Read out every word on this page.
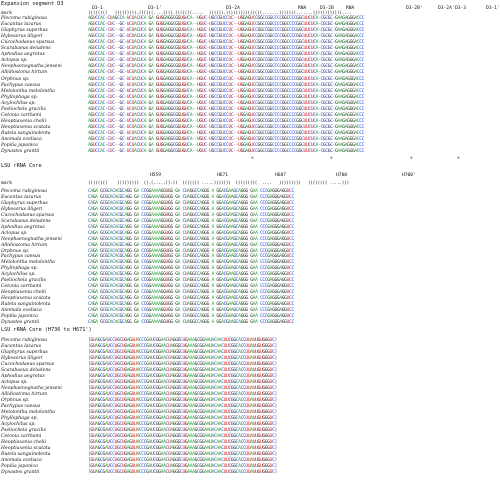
Expansion segment D3
D3-1	D3-1'	D3-2A	RNA	D3-2B	RNA	D3-2B'	D3-2A' D3-3	D3-1'
mark	((((((((   ))))))))).((((((....((((.(((((((.....  )))))).)))))))))((((((.......))))))).......))))))))))))....
Plecoma rubiginosa	AGUCCAC-CUAGCCA-UCUACUCA GA GUGGAGGCGGUGUCA--UGUC-UGCCGUCCUC--UGGAGUCCGGCCGGCCCCGGCCCCGGCUUCUCA-CGCGC-GAAGAGGGACCC
Eucantus lazarus	AGUCCAC-CUC--GC-UCUACUCA GA GUGGAGGCGGUGUCA--UGUC-UGCCGUCCUC--UGGAGUCCGGCCGGCCCCGGCCCCGGCUUCUCA-CGCGC-GAAGAGGGACCC
Glaphyrus superbus	AGUCCAC-CUC--GC-UCUACUCA GA GUGGAGGCGGUGUCA--UGUC-UGCCGUCCUC--UGGAGUCCGGCCGGCCCCGGCCCCGGCUUCUCA-CGCGC-GAAGAGGGACCC
Hybosorus illigeri	AGUCCAC-CUC--GC-UCUACUCA GA GUGGAGGCGGUGUCA--UGUC-UGCCGUCCUC--UGGAGUCCGGCCGGCCCCGGCCCCGGCUUCUCA-CGCGC-GAAGAGGGACCC
Cucochodaeus sparsus	AGUCCAC-CUC--GC-UCUACUCA GA GUGGAGGCGGUGUCA--UGUC-UGCCGUCCUC--UGGAGUCCGGCCGGCCCCGGCCCCGGCUUCUCA-CGCGC-GAAGAGGGACCC
Scarabaeus deludens	AGUCCAC-CUC--GC-UCUACUCA GA GUGGAGGCGGUGUCA--UGUC-UGCCGUCCUC--UGGAGUCCGGCCGGCCCCGGCCCCGGCUUCUCA-CGCGC-GAAGAGGGACCC
Aphodius aegrotus	AGUCCAC-CUC--GC-UCUACUCA GA GUGGAGGCGGUGUCA--UGUC-UGCCGUCCUC--UGGAGUCCGGCCGGCCCCGGCCCCGGCUUCUCA-CGCGC-GAAGAGGGACCC
Aclopus sp.	AGUCCAC-CUC--GC-UCUACUCA GA GUGGAGGCGGUGUCA--UGUC-UGCCGUCCUC--UGGAGUCCGGCCGGCCCCGGCCCCGGCUUCUCA-CGCGC-GAAGAGGGACCC
Neophaenognatha jenseni	AGUCCAC-CUC--GC-UCUACUCA GA GUGGAGGCGGUGUCA--UGUC-UGCCGUCCUC--UGGAGUCCGGCCGGCCCCGGCCCCGGCUUCUCA-CGCGC-GAAGAGGGACCC
Allidiostoma hirtum	AGUCCAC-CUC--GC-UCUACUCA GA GUGGAGGCGGUGUCA--UGUC-UGCCGUCCUC--UGGAGUCCGGCCGGCCCCGGCCCCGGCUUCUCA-CGCGC-GAAGAGGGACCC
Orphnus sp.	AGUCCAC-CUC--GC-UCUACUCA GA GUGGAGGCGGUGUCA--UGUC-UGCCGUCCUC--UGGAGUCCGGCCGGCCCCGGCCCCGGCUUCUCA-CGCGC-GAAGAGGGACCC
Pachypus caesus	AGUCCAC-CUC--GC-UCUACUCA GA GUGGAGGCGGUGUCA--UGUC-UGCCGUCCUC--UGGAGUCCGGCCGGCCCCGGCCCCGGCUUCUCA-CGCGC-GAAGAGGGACCC
Melolontha melolontha	AGUCCAC-CUC--GC-UCUACUCA GA GUGGAGGCGGUGUCA--UGUC-UGCCGUCCUC--UGGAGUCCGGCCGGCCCCGGCCCCGGCUUCUCA-CGCGC-GAAGAGGGACCC
Phyllophaga sp.	AGUCCAC-CUC--GC-UCUACUCA GA GUGGAGGCGGUGUCA--UGUC-UGCCGUCCUC--UGGAGUCCGGCCGGCCCCGGCCCCGGCUUCUCA-CGCGC-GAAGAGGGACCC
Acylochilus sp.	AGUCCAC-CUC--GC-UCUACUCA GA GUGGAGGCGGUGUCA--UGUC-UGCCGUCCUC--UGGAGUCCGGCCGGCCCCGGCCCCGGCUUCUCA-CGCGC-GAAGAGGGACCC
Pseliochela gracilis	AGUCCAC-CUC--GC-UCUACUCA GA GUGGAGGCGGUGUCA--UGUC-UGCCGUCCUC--UGGAGUCCGGCCGGCCCCGGCCCCGGCUUCUCA-CGCGC-GAAGAGGGACCC
Cetonia carthami	AGUCCAC-CUC--GC-UCUACUCA GA GUGGAGGCGGUGUCA--UGUC-UGCCGUCCUC--UGGAGUCCGGCCGGCCCCGGCCCCGGCUUCUCA-CGCGC-GAAGAGGGACCC
Heoptiaxenia chelii	AGUCCAC-CUC--GC-UCUACUCA GA GUGGAGGCGGUGUCA--UGUC-UGCCGUCCUC--UGGAGUCCGGCCGGCCCCGGCCCCGGCUUCUCA-CGCGC-GAAGAGGGACCC
Heoptiaxenia scutata	AGUCCAC-CUC--GC-UCUACUCA GA GUGGAGGCGGUGUCA--UGUC-UGCCGUCCUC--UGGAGUCCGGCCGGCCCCGGCCCCGGCUUCUCA-CGCGC-GAAGAGGGACCC
Rutela sanguinolenta	AGUCCAC-CUC--GC-UCUACUCA GA GUGGAGGCGGUGUCA--UGUC-UGCCGUCCUC--UGGAGUCCGGCCGGCCCCGGCCCCGGCUUCUCA-CGCGC-GAAGAGGGACCC
Anomala oceliaca	AGUCCAC-CUC--GC-UCUACUCA GA GUGGAGGCGGUGUCA--UGUC-UGCCGUCCUC--UGGAGUCCGGCCGGCCCCGGCCCCGGCUUCUCA-CGCGC-GAAGAGGGACCC
Popilia japonica	AGUCCAC-CUC--GC-UCUACUCA GA GUGGAGGCGGUGUCA--UGUC-UGCCGUCCUC--UGGAGUCCGGCCGGCCCCGGCCCCGGCUUCUCA-CGCGC-GAAGAGGGACCC
Dynastes grantii	AGUCCAC-CUC--GC-UCUACUCA GA GUGGAGGCGGUGUCA--UGUC-UGCCGUCCUC--UGGAGUCCGGCCGGCCCCGGCCCCGGCUUCUCA-CGCGC-GAAGAGGGACCC
x	x	x	x
LSU rRNA Core
H559	H671	H687	H700	H700'
mark	((((((((    )))))))))  ((.(.....)).))  ((((((( .....)))))))  (((((((((  ....   )))))))))   (((((((( .....)))
Plecoma rubiginosa	CAGA GCGCACACGCAGG GA CCGGAAAAGGUGG GA CUAGGCCAGGG A GGACGAAGCAGGG GAA CCCGAGGGAGGUCC
Eucantus lazarus	CAGA GCGCACACGCAGG GA CCGGAAAAGGUGG GA CUAGGCCAGGG A GGACGAAGCAGGG GAA CCCGAGGGAGGUCC
Glaphyrus superbus	CAGA GCGCACACGCAGG GA CCGGAAAAGGUGG GA CUAGGCCAGGG A GGACGAAGCAGGG GAA CCCGAGGGAGGUCC
Hybosorus illigeri	CAGA GCGCACACGCAGG GA CCGGAAAAGGUGG GA CUAGGCCAGGG A GGACGAAGCAGGG GAA CCCGAGGGAGGUCC
Cucochodaeus sparsus	CAGA GCGCACACGCAGG GA CCGGAAAAGGUGG GA CUAGGCCAGGG A GGACGAAGCAGGG GAA CCCGAGGGAGGUCC
Scarabaeus deludens	CAGA GCGCACACGCAGG GA CCGGAAAAGGUGG GA CUAGGCCAGGG A GGACGAAGCAGGG GAA CCCGAGGGAGGUCC
Aphodius aegrotus	CAGA GCGCACACGCAGG GA CCGGAAAAGGUGG GA CUAGGCCAGGG A GGACGAAGCAGGG GAA CCCGAGGGAGGUCC
Aclopus sp.	CAGA GCGCACACGCAGG GA CCGGAAAAGGUGG GA CUAGGCCAGGG A GGACGAAGCAGGG GAA CCCGAGGGAGGUCC
Neophaenognatha jenseni	CAGA GCGCACACGCAGG GA CCGGAAAAGGUGG GA CUAGGCCAGGG A GGACGAAGCAGGG GAA CCCGAGGGAGGUCC
Allidiostoma hirtum	CAGA GCGCACACGCAGG GA CCGGAAAAGGUGG GA CUAGGCCAGGG A GGACGAAGCAGGG GAA CCCGAGGGAGGUCC
Orphnus sp.	CAGA GCGCACACGCAGG GA CCGGAAAAGGUGG GA CUAGGCCAGGG A GGACGAAGCAGGG GAA CCCGAGGGAGGUCC
Pachypus caesus	CAGA GCGCACACGCAGG GA CCGGAAAAGGUGG GA CUAGGCCAGGG A GGACGAAGCAGGG GAA CCCGAGGGAGGUCC
Melolontha melolontha	CAGA GCGCACACGCAGG GA CCGGAAAAGGUGG GA CUAGGCCAGGG A GGACGAAGCAGGG GAA CCCGAGGGAGGUCC
Phyllophaga sp.	CAGA GCGCACACGCAGG GA CCGGAAAAGGUGG GA CUAGGCCAGGG A GGACGAAGCAGGG GAA CCCGAGGGAGGUCC
Acylochilus sp.	CAGA GCGCACACGCAGG GA CCGGAAAAGGUGG GA CUAGGCCAGGG A GGACGAAGCAGGG GAA CCCGAGGGAGGUCC
Pseliochela gracilis	CAGA GCGCACACGCAGG GA CCGGAAAAGGUGG GA CUAGGCCAGGG A GGACGAAGCAGGG GAA CCCGAGGGAGGUCC
Cetonia carthami	CAGA GCGCACACGCAGG GA CCGGAAAAGGUGG GA CUAGGCCAGGG A GGACGAAGCAGGG GAA CCCGAGGGAGGUCC
Heoptiaxenia chelii	CAGA GCGCACACGCAGG GA CCGGAAAAGGUGG GA CUAGGCCAGGG A GGACGAAGCAGGG GAA CCCGAGGGAGGUCC
Heoptiaxenia scutata	CAGA GCGCACACGCAGG GA CCGGAAAAGGUGG GA CUAGGCCAGGG A GGACGAAGCAGGG GAA CCCGAGGGAGGUCC
Rutela sanguinolenta	CAGA GCGCACACGCAGG GA CCGGAAAAGGUGG GA CUAGGCCAGGG A GGACGAAGCAGGG GAA CCCGAGGGAGGUCC
Anomala oceliaca	CAGA GCGCACACGCAGG GA CCGGAAAAGGUGG GA CUAGGCCAGGG A GGACGAAGCAGGG GAA CCCGAGGGAGGUCC
Popilia japonica	CAGA GCGCACACGCAGG GA CCGGAAAAGGUGG GA CUAGGCCAGGG A GGACGAAGCAGGG GAA CCCGAGGGAGGUCC
Dynastes grantii	CAGA GCGCACACGCAGG GA CCGGAAAAGGUGG GA CUAGGCCAGGG A GGACGAAGCAGGG GAA CCCGAGGGAGGUCC
LSU rRNA Core (H736 to H671')
Plecoma rubiginosa	[GUAGCGAUCCUGCUGAGUUACCCGAUCGGAACUAGGGCUGAAAGCGGAAUACAACUUCGGCACCUUAUUGUGGGUC]
Eucantus lazarus	[GUAGCGAUCCUGCUGAGUUACCCGAUCGGAACUAGGGCUGAAAGCGGAAUACAACUUCGGCACCUUAUUGUGGGUC]
Glaphyrus superbus	[GUAGCGAUCCUGCUGAGUUACCCGAUCGGAACUAGGGCUGAAAGCGGAAUACAACUUCGGCACCUUAUUGUGGGUC]
Hybosorus illigeri	[GUAGCGAUCCUGCUGAGUUACCCGAUCGGAACUAGGGCUGAAAGCGGAAUACAACUUCGGCACCUUAUUGUGGGUC]
Cucochodaeus sparsus	[GUAGCGAUCCUGCUGAGUUACCCGAUCGGAACUAGGGCUGAAAGCGGAAUACAACUUCGGCACCUUAUUGUGGGUC]
Scarabaeus deludens	[GUAGCGAUCCUGCUGAGUUACCCGAUCGGAACUAGGGCUGAAAGCGGAAUACAACUUCGGCACCUUAUUGUGGGUC]
Aphodius aegrotus	[GUAGCGAUCCUGCUGAGUUACCCGAUCGGAACUAGGGCUGAAAGCGGAAUACAACUUCGGCACCUUAUUGUGGGUC]
Aclopus sp.	[GUAGCGAUCCUGCUGAGUUACCCGAUCGGAACUAGGGCUGAAAGCGGAAUACAACUUCGGCACCUUAUUGUGGGUC]
Neophaenognatha jenseni	[GUAGCGAUCCUGCUGAGUUACCCGAUCGGAACUAGGGCUGAAAGCGGAAUACAACUUCGGCACCUUAUUGUGGGUC]
Allidiostoma hirtum	[GUAGCGAUCCUGCUGAGUUACCCGAUCGGAACUAGGGCUGAAAGCGGAAUACAACUUCGGCACCUUAUUGUGGGUC]
Orphnus sp.	[GUAGCGAUCCUGCUGAGUUACCCGAUCGGAACUAGGGCUGAAAGCGGAAUACAACUUCGGCACCUUAUUGUGGGUC]
Pachypus caesus	[GUAGCGAUCCUGCUGAGUUACCCGAUCGGAACUAGGGCUGAAAGCGGAAUACAACUUCGGCACCUUAUUGUGGGUC]
Melolontha melolontha	[GUAGCGAUCCUGCUGAGUUACCCGAUCGGAACUAGGGCUGAAAGCGGAAUACAACUUCGGCACCUUAUUGUGGGUC]
Phyllophaga sp.	[GUAGCGAUCCUGCUGAGUUACCCGAUCGGAACUAGGGCUGAAAGCGGAAUACAACUUCGGCACCUUAUUGUGGGUC]
Acylochilus sp.	[GUAGCGAUCCUGCUGAGUUACCCGAUCGGAACUAGGGCUGAAAGCGGAAUACAACUUCGGCACCUUAUUGUGGGUC]
Pseliochela gracilis	[GUAGCGAUCCUGCUGAGUUACCCGAUCGGAACUAGGGCUGAAAGCGGAAUACAACUUCGGCACCUUAUUGUGGGUC]
Cetonia carthami	[GUAGCGAUCCUGCUGAGUUACCCGAUCGGAACUAGGGCUGAAAGCGGAAUACAACUUCGGCACCUUAUUGUGGGUC]
Heoptiaxenia chelii	[GUAGCGAUCCUGCUGAGUUACCCGAUCGGAACUAGGGCUGAAAGCGGAAUACAACUUCGGCACCUUAUUGUGGGUC]
Heoptiaxenia scutata	[GUAGCGAUCCUGCUGAGUUACCCGAUCGGAACUAGGGCUGAAAGCGGAAUACAACUUCGGCACCUUAUUGUGGGUC]
Rutela sanguinolenta	[GUAGCGAUCCUGCUGAGUUACCCGAUCGGAACUAGGGCUGAAAGCGGAAUACAACUUCGGCACCUUAUUGUGGGUC]
Anomala oceliaca	[GUAGCGAUCCUGCUGAGUUACCCGAUCGGAACUAGGGCUGAAAGCGGAAUACAACUUCGGCACCUUAUUGUGGGUC]
Popilia japonica	[GUAGCGAUCCUGCUGAGUUACCCGAUCGGAACUAGGGCUGAAAGCGGAAUACAACUUCGGCACCUUAUUGUGGGUC]
Dynastes grantii	[GUAGCGAUCCUGCUGAGUUACCCGAUCGGAACUAGGGCUGAAAGCGGAAUACAACUUCGGCACCUUAUUGUGGGUC]
